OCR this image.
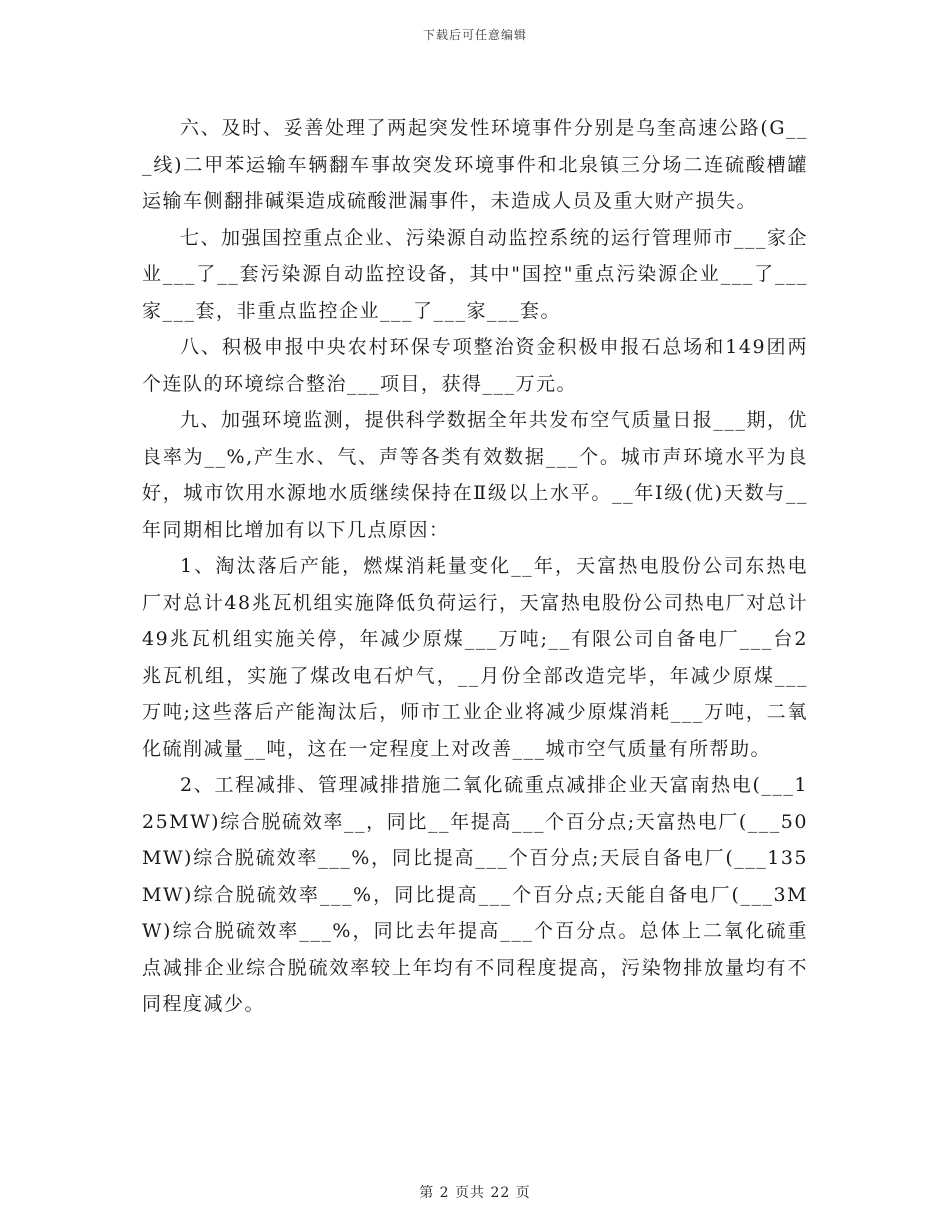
下载后可任意编辑

六、及时、妥善处理了两起突发性环境事件分别是乌奎高速公路(G___线)二甲苯运输车辆翻车事故突发环境事件和北泉镇三分场二连硫酸槽罐运输车侧翻排碱渠造成硫酸泄漏事件，未造成人员及重大财产损失。

七、加强国控重点企业、污染源自动监控系统的运行管理师市___家企业___了__套污染源自动监控设备，其中"国控"重点污染源企业___了___家___套，非重点监控企业___了___家___套。

八、积极申报中央农村环保专项整治资金积极申报石总场和149团两个连队的环境综合整治___项目，获得___万元。

九、加强环境监测，提供科学数据全年共发布空气质量日报___期，优良率为__%,产生水、气、声等各类有效数据___个。城市声环境水平为良好，城市饮用水源地水质继续保持在Ⅱ级以上水平。__年Ⅰ级(优)天数与__年同期相比增加有以下几点原因：

1、淘汰落后产能，燃煤消耗量变化__年，天富热电股份公司东热电厂对总计48兆瓦机组实施降低负荷运行，天富热电股份公司热电厂对总计49兆瓦机组实施关停，年减少原煤___万吨;__有限公司自备电厂___台2兆瓦机组，实施了煤改电石炉气，__月份全部改造完毕，年减少原煤___万吨;这些落后产能淘汰后，师市工业企业将减少原煤消耗___万吨，二氧化硫削减量__吨，这在一定程度上对改善___城市空气质量有所帮助。

2、工程减排、管理减排措施二氧化硫重点减排企业天富南热电(___125MW)综合脱硫效率__，同比__年提高___个百分点;天富热电厂(___50MW)综合脱硫效率___%，同比提高___个百分点;天辰自备电厂(___135MW)综合脱硫效率___%，同比提高___个百分点;天能自备电厂(___3MW)综合脱硫效率___%，同比去年提高___个百分点。总体上二氧化硫重点减排企业综合脱硫效率较上年均有不同程度提高，污染物排放量均有不同程度减少。

第 2 页共 22 页
